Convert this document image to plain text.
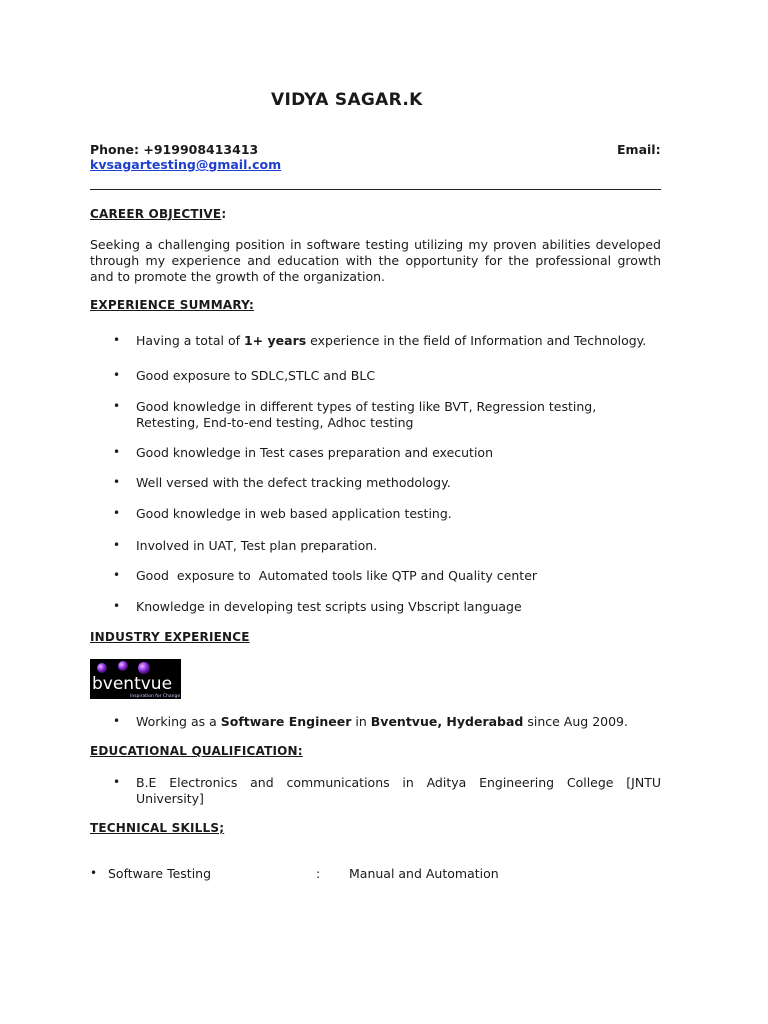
VIDYA SAGAR.K
Phone: +919908413413	Email:
kvsagartesting@gmail.com
CAREER OBJECTIVE:
Seeking a challenging position in software testing utilizing my proven abilities developed through my experience and education with the opportunity for the professional growth and to promote the growth of the organization.
EXPERIENCE SUMMARY:
• Having a total of 1+ years experience in the field of Information and Technology.
• Good exposure to SDLC,STLC and BLC
• Good knowledge in different types of testing like BVT, Regression testing, Retesting, End-to-end testing, Adhoc testing
• Good knowledge in Test cases preparation and execution
• Well versed with the defect tracking methodology.
• Good knowledge in web based application testing.
• Involved in UAT, Test plan preparation.
• Good  exposure to  Automated tools like QTP and Quality center
• Knowledge in developing test scripts using Vbscript language
INDUSTRY EXPERIENCE
bventvue
Inspiration for Change
• Working as a Software Engineer in Bventvue, Hyderabad since Aug 2009.
EDUCATIONAL QUALIFICATION:
• B.E Electronics and communications in Aditya Engineering College [JNTU University]
TECHNICAL SKILLS;
• Software Testing	: Manual and Automation
